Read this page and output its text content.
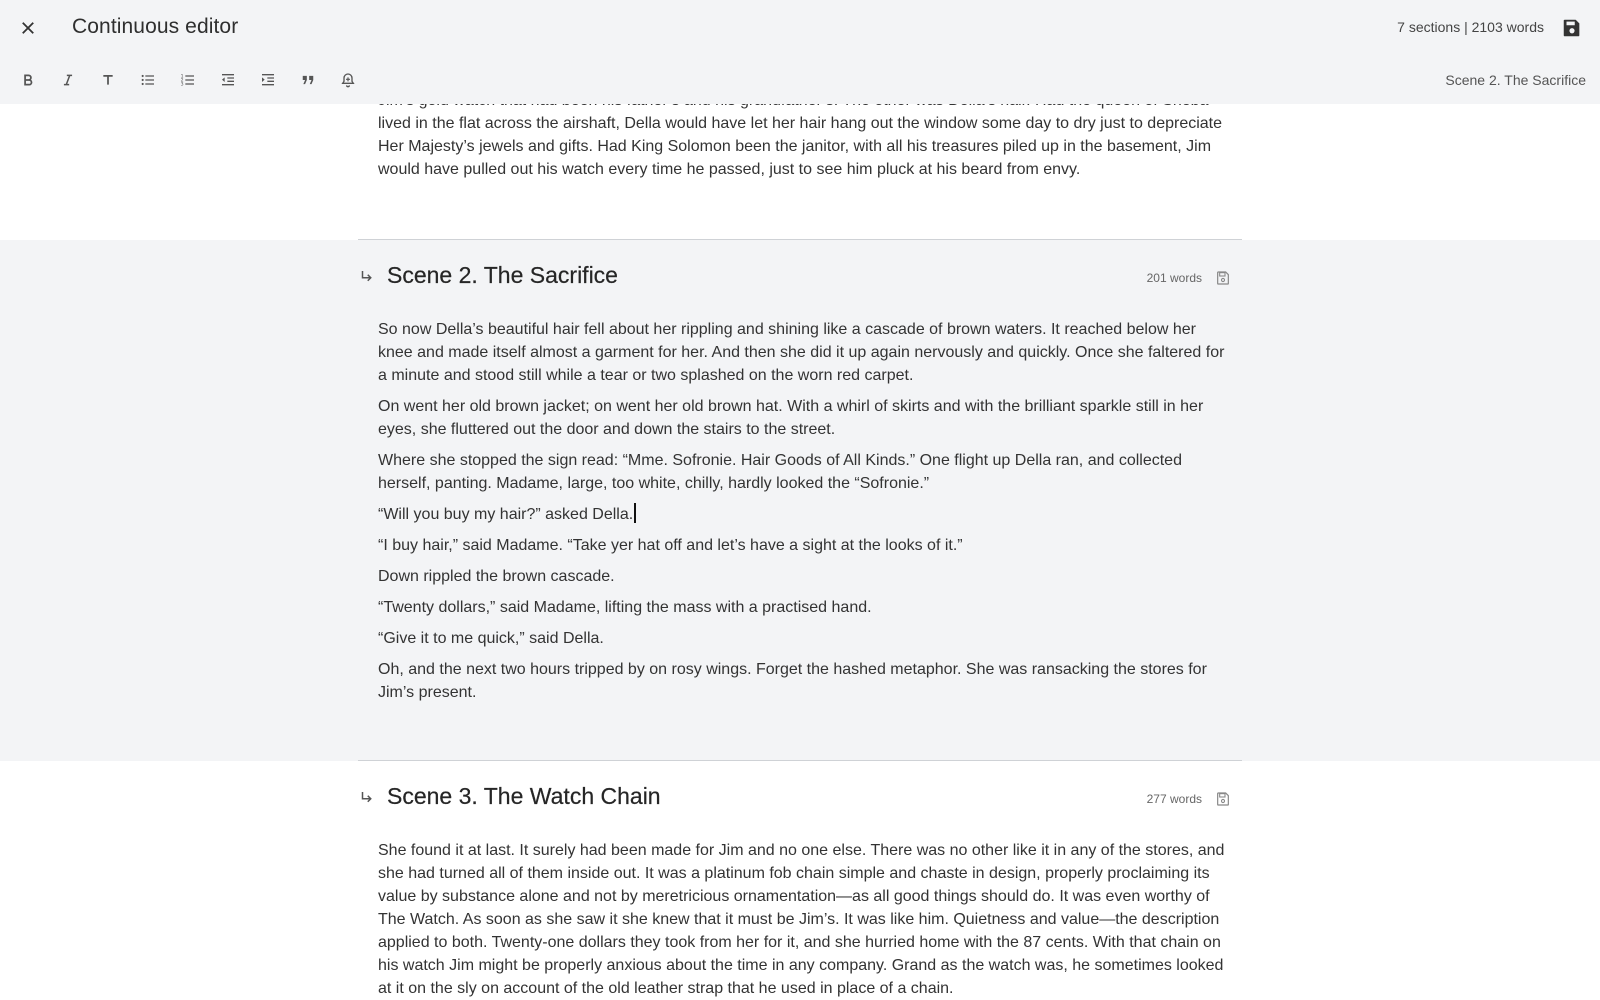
lived in the flat across the airshaft, Della would have let her hair hang out the window some day to dry just to depreciate Her Majesty’s jewels and gifts. Had King Solomon been the janitor, with all his treasures piled up in the basement, Jim would have pulled out his watch every time he passed, just to see him pluck at his beard from envy.

Scene 2. The Sacrifice	201 words

So now Della’s beautiful hair fell about her rippling and shining like a cascade of brown waters. It reached below her knee and made itself almost a garment for her. And then she did it up again nervously and quickly. Once she faltered for a minute and stood still while a tear or two splashed on the worn red carpet.

On went her old brown jacket; on went her old brown hat. With a whirl of skirts and with the brilliant sparkle still in her eyes, she fluttered out the door and down the stairs to the street.

Where she stopped the sign read: “Mme. Sofronie. Hair Goods of All Kinds.” One flight up Della ran, and collected herself, panting. Madame, large, too white, chilly, hardly looked the “Sofronie.”

“Will you buy my hair?” asked Della.

“I buy hair,” said Madame. “Take yer hat off and let’s have a sight at the looks of it.”

Down rippled the brown cascade.

“Twenty dollars,” said Madame, lifting the mass with a practised hand.

“Give it to me quick,” said Della.

Oh, and the next two hours tripped by on rosy wings. Forget the hashed metaphor. She was ransacking the stores for Jim’s present.

Scene 3. The Watch Chain	277 words

She found it at last. It surely had been made for Jim and no one else. There was no other like it in any of the stores, and she had turned all of them inside out. It was a platinum fob chain simple and chaste in design, properly proclaiming its value by substance alone and not by meretricious ornamentation—as all good things should do. It was even worthy of The Watch. As soon as she saw it she knew that it must be Jim’s. It was like him. Quietness and value—the description applied to both. Twenty-one dollars they took from her for it, and she hurried home with the 87 cents. With that chain on his watch Jim might be properly anxious about the time in any company. Grand as the watch was, he sometimes looked at it on the sly on account of the old leather strap that he used in place of a chain.

Continuous editor	7 sections | 2103 words
1
2
3	Scene 2. The Sacrifice
